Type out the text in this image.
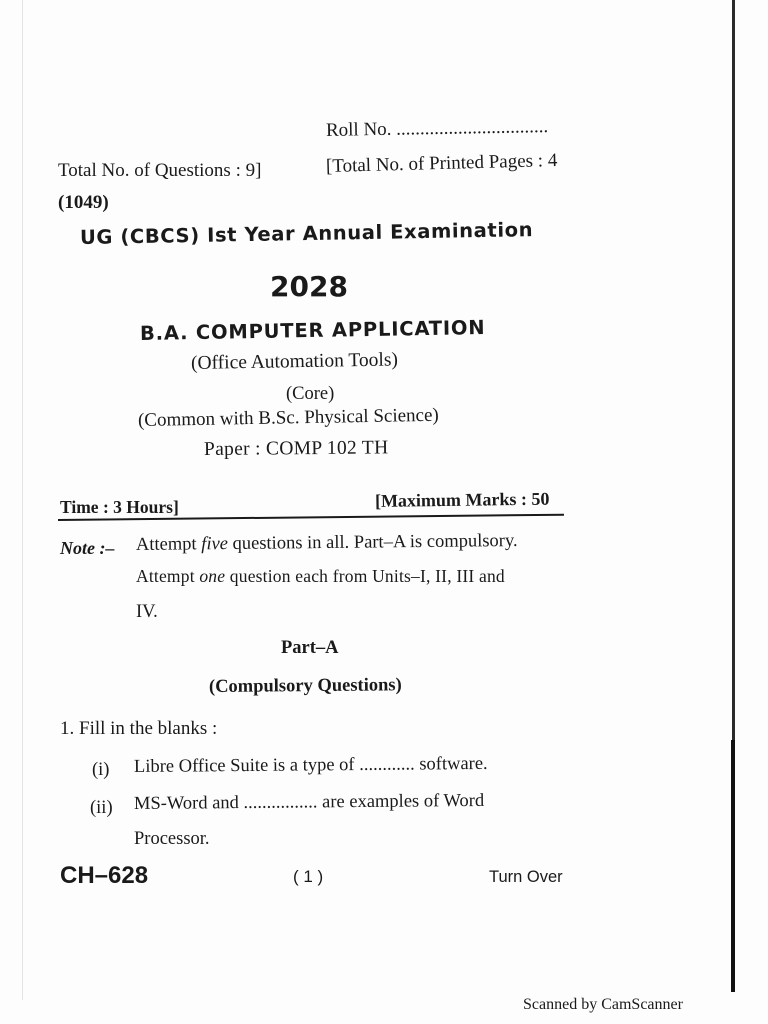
Roll No. ................................

Total No. of Questions : 9]	[Total No. of Printed Pages : 4

(1049)

UG (CBCS) Ist Year Annual Examination

2028

B.A. COMPUTER APPLICATION

(Office Automation Tools)

(Core)

(Common with B.Sc. Physical Science)

Paper : COMP 102 TH

Time : 3 Hours]	[Maximum Marks : 50

Note :– Attempt five questions in all. Part–A is compulsory.

Attempt one question each from Units–I, II, III and

IV.

Part–A

(Compulsory Questions)

1. Fill in the blanks :

(i) Libre Office Suite is a type of ............ software.

(ii) MS-Word and ................ are examples of Word

Processor.

CH–628	( 1 )	Turn Over

Scanned by CamScanner
